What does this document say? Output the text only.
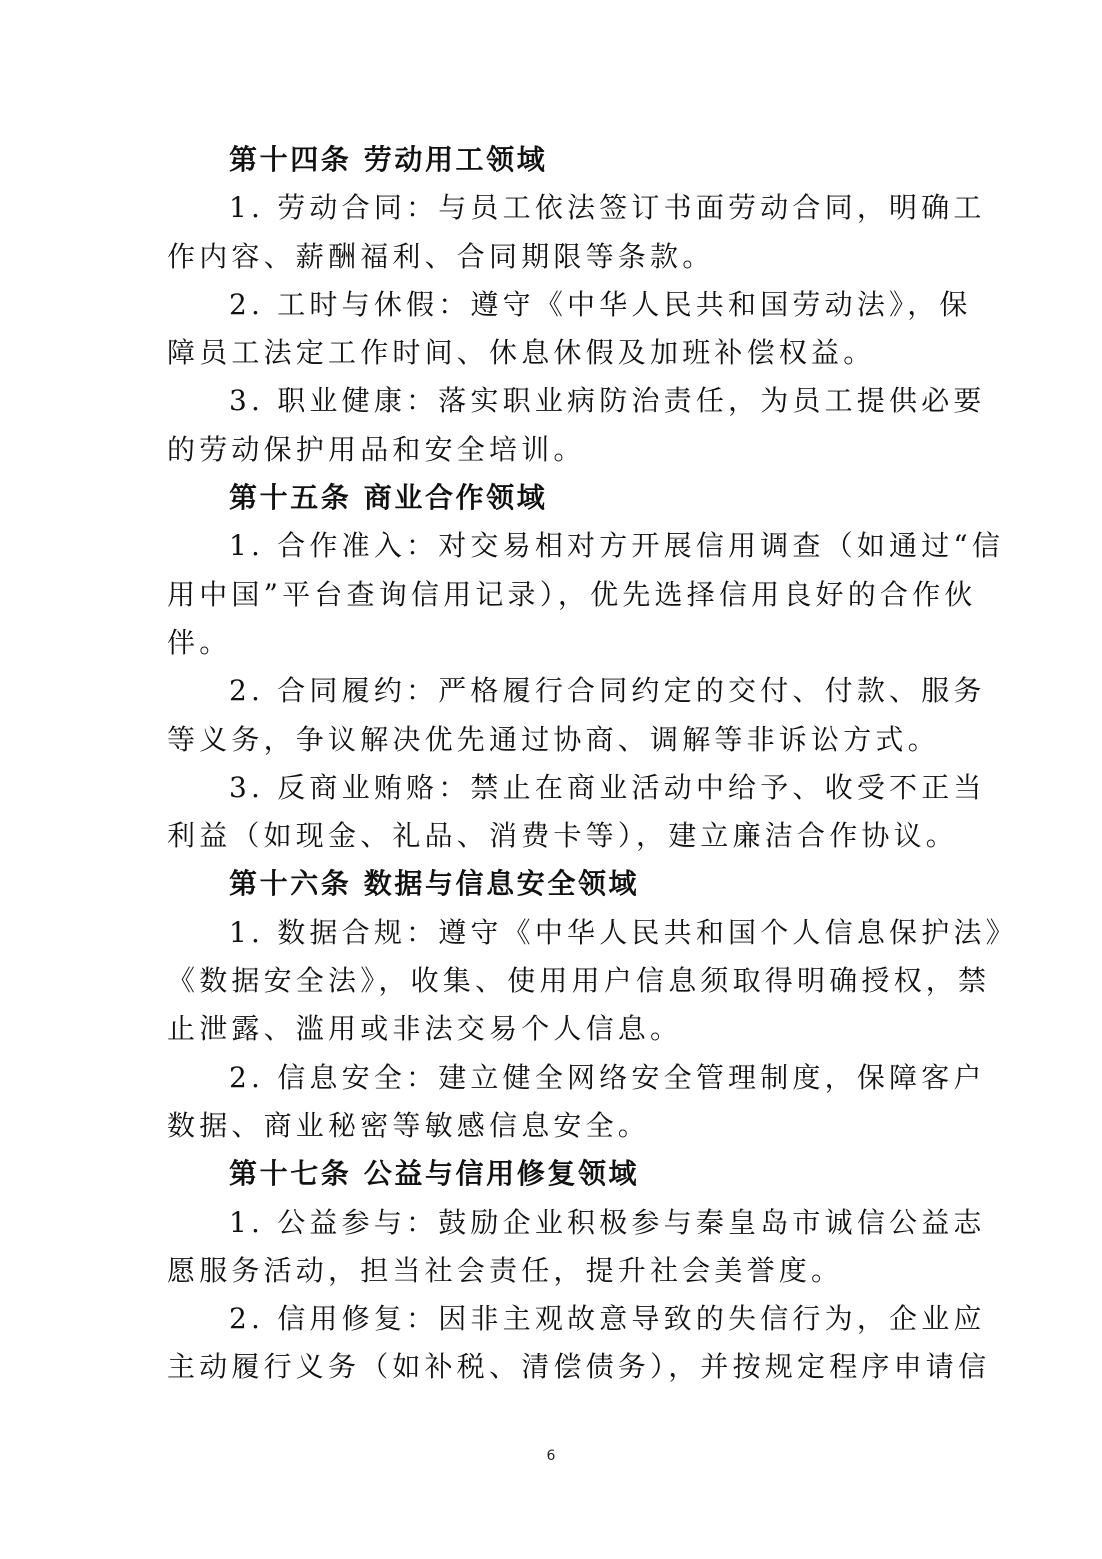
第十四条 劳动用工领域
1. 劳动合同：与员工依法签订书面劳动合同，明确工
作内容、薪酬福利、合同期限等条款。
2. 工时与休假：遵守《中华人民共和国劳动法》，保
障员工法定工作时间、休息休假及加班补偿权益。
3. 职业健康：落实职业病防治责任，为员工提供必要
的劳动保护用品和安全培训。
第十五条 商业合作领域
1. 合作准入：对交易相对方开展信用调查（如通过“信
用中国”平台查询信用记录），优先选择信用良好的合作伙
伴。
2. 合同履约：严格履行合同约定的交付、付款、服务
等义务，争议解决优先通过协商、调解等非诉讼方式。
3. 反商业贿赂：禁止在商业活动中给予、收受不正当
利益（如现金、礼品、消费卡等），建立廉洁合作协议。
第十六条 数据与信息安全领域
1. 数据合规：遵守《中华人民共和国个人信息保护法》
《数据安全法》，收集、使用用户信息须取得明确授权，禁
止泄露、滥用或非法交易个人信息。
2. 信息安全：建立健全网络安全管理制度，保障客户
数据、商业秘密等敏感信息安全。
第十七条 公益与信用修复领域
1. 公益参与：鼓励企业积极参与秦皇岛市诚信公益志
愿服务活动，担当社会责任，提升社会美誉度。
2. 信用修复：因非主观故意导致的失信行为，企业应
主动履行义务（如补税、清偿债务），并按规定程序申请信
6
